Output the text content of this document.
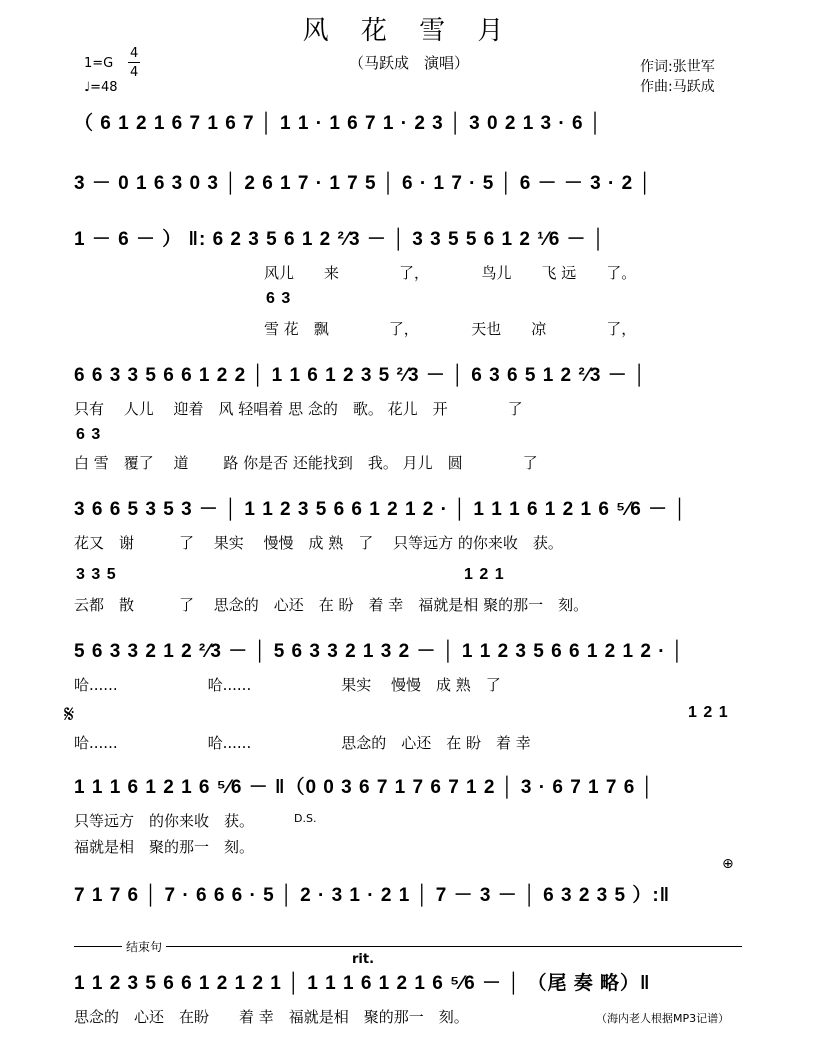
风 花 雪 月
（马跃成　演唱）
1=G
4
4
♩=48
作词:张世军
作曲:马跃成
（ 6 1 2 1 6 7 1 6 7 │ 1 1 · 1 6 7 1 · 2 3 │ 3 0 2 1 3 · 6 │
3 － 0 1 6 3 0 3 │ 2 6 1 7 · 1 7 5 │ 6 · 1 7 · 5 │ 6 － － 3 · 2 │
1 － 6 － ） ‖: 6 2 3 5 6 1 2 ²⁄3 － │ 3 3 5 5 6 1 2 ¹⁄6 － │
风儿　　来　　　　了，　　　　鸟儿　　飞 远　　了。
6 3
雪 花　飘　　　　了，　　　　天也　　凉　　　　了，
6 6 3 3 5 6 6 1 2 2 │ 1 1 6 1 2 3 5 ²⁄3 － │ 6 3 6 5 1 2 ²⁄3 － │
只有　 人儿　 迎着　风 轻唱着 思 念的　歌。 花儿　开　　　　了
6 3
白 雪　覆了　 道　　 路 你是否 还能找到　我。 月儿　圆　　　　了
3 6 6 5 3 5 3 － │ 1 1 2 3 5 6 6 1 2 1 2 · │ 1 1 1 6 1 2 1 6 ⁵⁄6 － │
花又　谢　　　了　 果实　 慢慢　成 熟　了　 只等远方 的你来收　获。
3 3 5	1 2 1
云都　散　　　了　 思念的　心还　在 盼　着 幸　福就是相 聚的那一　刻。
5 6 3 3 2 1 2 ²⁄3 － │ 5 6 3 3 2 1 3 2 － │ 1 1 2 3 5 6 6 1 2 1 2 · │
哈......　　　　　　哈......　　　　　　果实　 慢慢　成 熟　了
𝄋	1 2 1
哈......　　　　　　哈......　　　　　　思念的　心还　在 盼　着 幸
1 1 1 6 1 2 1 6 ⁵⁄6 － ‖（0 0 3 6 7 1 7 6 7 1 2 │ 3 · 6 7 1 7 6 │
只等远方　的你来收　获。	D.S.
福就是相　聚的那一　刻。
⊕
7 1 7 6 │ 7 · 6 6 6 · 5 │ 2 · 3 1 · 2 1 │ 7 － 3 － │ 6 3 2 3 5 ）:‖
结束句
rit.
1 1 2 3 5 6 6 1 2 1 2 1 │ 1 1 1 6 1 2 1 6 ⁵⁄6 － │ （尾 奏 略）‖
思念的　心还　在盼　　着 幸　福就是相　聚的那一　刻。	（海内老人根据MP3记谱）
